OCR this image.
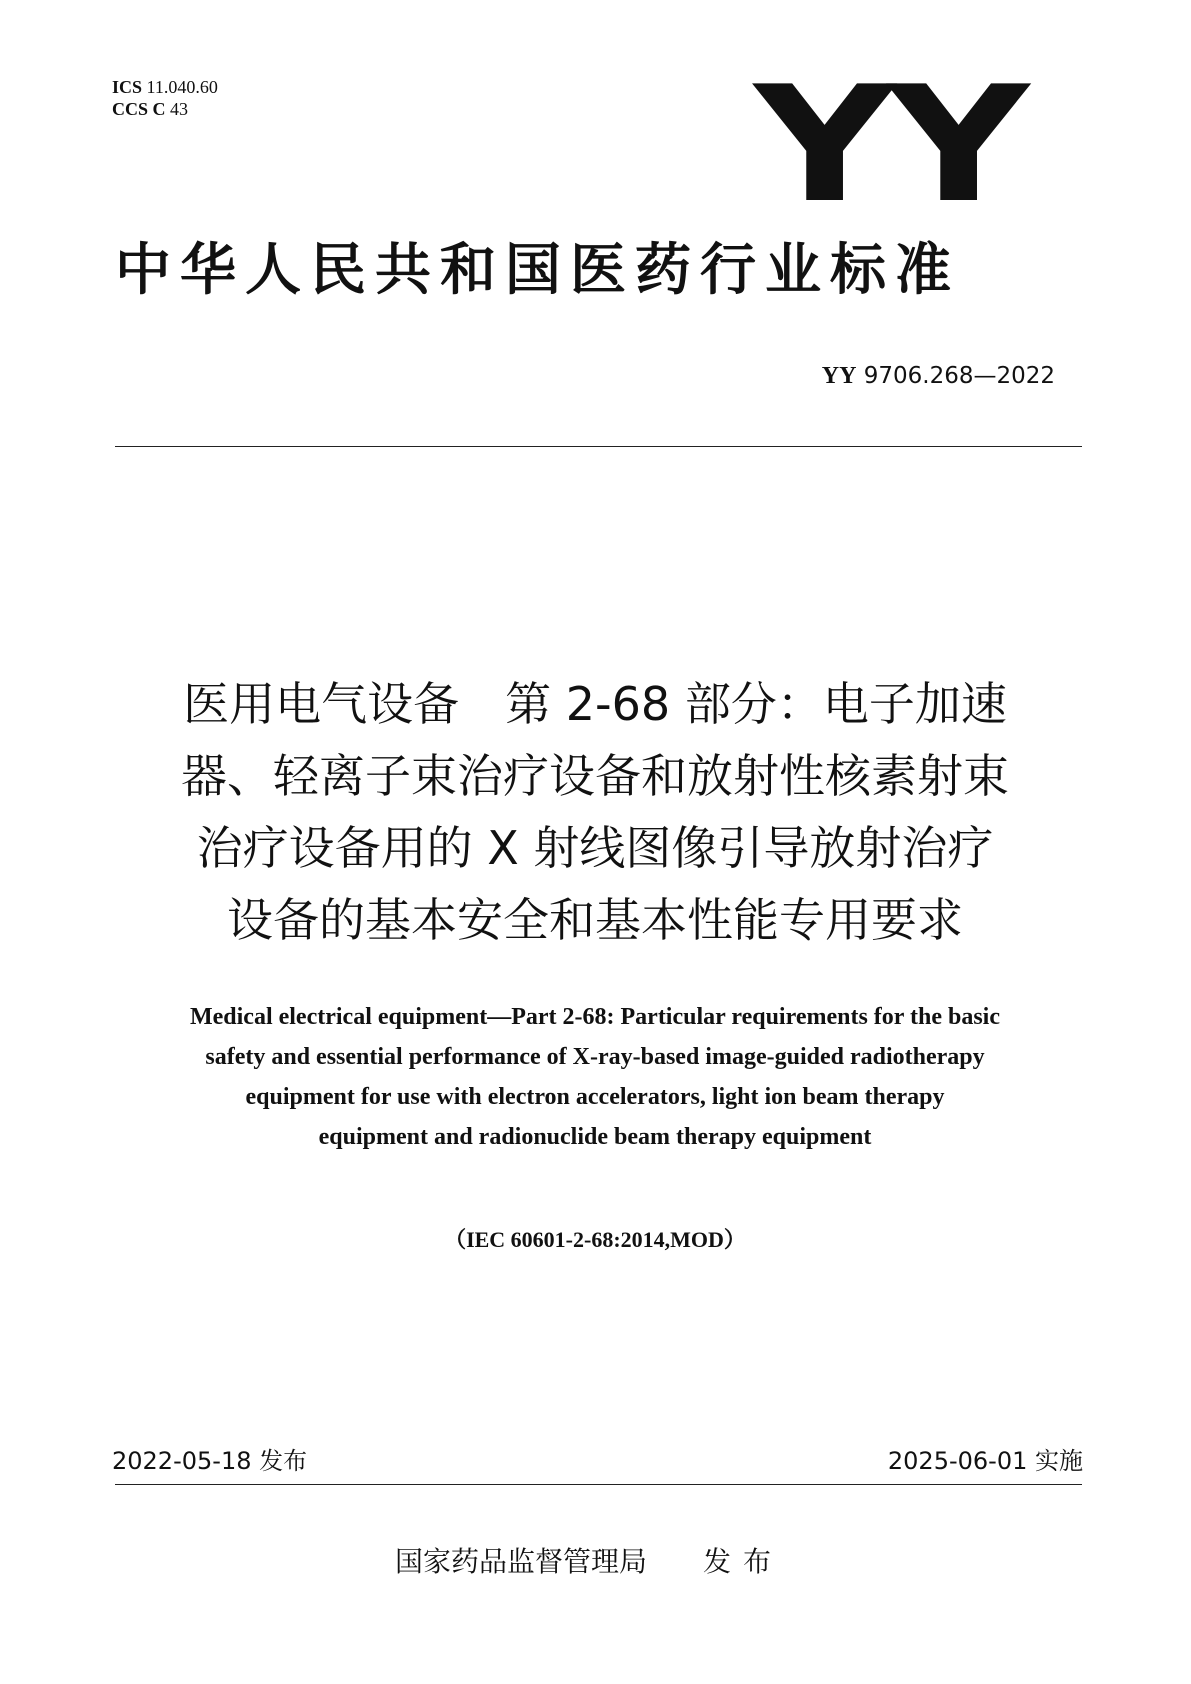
ICS 11.040.60
CCS C 43	YY
中华人民共和国医药行业标准
YY 9706.268—2022
医用电气设备　第 2-68 部分：电子加速
器、轻离子束治疗设备和放射性核素射束
治疗设备用的 X 射线图像引导放射治疗
设备的基本安全和基本性能专用要求
Medical electrical equipment—Part 2-68: Particular requirements for the basic
safety and essential performance of X-ray-based image-guided radiotherapy
equipment for use with electron accelerators, light ion beam therapy
equipment and radionuclide beam therapy equipment
（IEC 60601-2-68:2014,MOD）
2022-05-18 发布	2025-06-01 实施
国家药品监督管理局 发布
